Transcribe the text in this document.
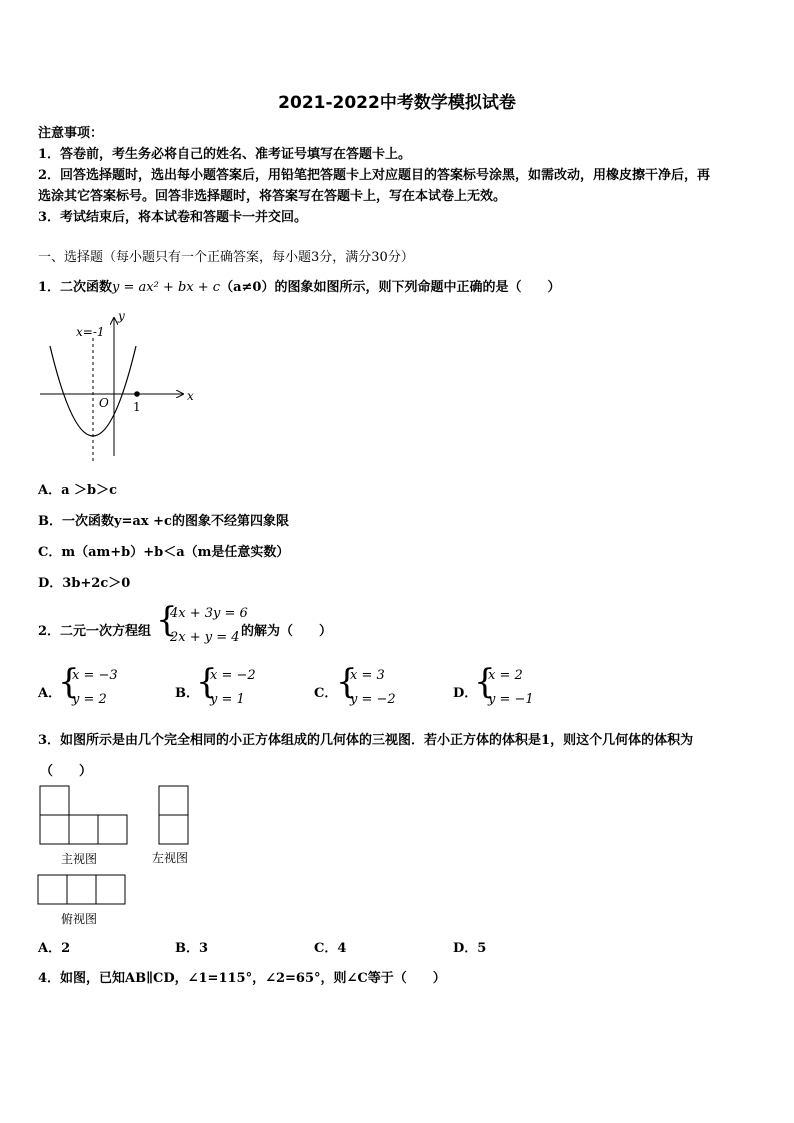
2021-2022中考数学模拟试卷
注意事项：
1．答卷前，考生务必将自己的姓名、准考证号填写在答题卡上。
2．回答选择题时，选出每小题答案后，用铅笔把答题卡上对应题目的答案标号涂黑，如需改动，用橡皮擦干净后，再
选涂其它答案标号。回答非选择题时，将答案写在答题卡上，写在本试卷上无效。
3．考试结束后，将本试卷和答题卡一并交回。
一、选择题（每小题只有一个正确答案，每小题3分，满分30分）
1．二次函数y = ax² + bx + c（a≠0）的图象如图所示，则下列命题中正确的是（　　）
x=-1
y
x
O 1
A．a ＞b＞c
B．一次函数y=ax +c的图象不经第四象限
C．m（am+b）+b＜a（m是任意实数）
D．3b+2c＞0
2．二元一次方程组 {
4x + 3y = 6
2x + y = 4 的解为（　　）
A．
{
x = −3
y = 2	B．
{
x = −2
y = 1	C．
{
x = 3
y = −2	D．
{
x = 2
y = −1
3．如图所示是由几个完全相同的小正方体组成的几何体的三视图．若小正方体的体积是1，则这个几何体的体积为
（　　）
主视图	左视图
俯视图
A．2	B．3	C．4	D．5
4．如图，已知AB∥CD，∠1=115°，∠2=65°，则∠C等于（　　）
